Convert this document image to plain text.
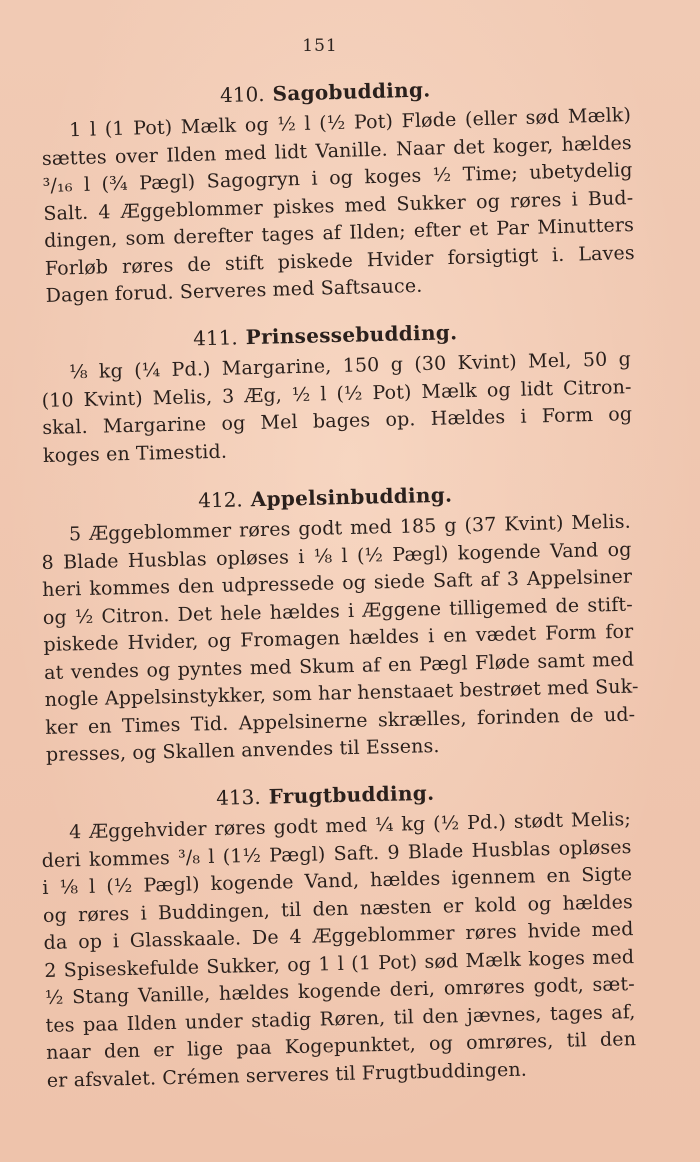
151
410. Sagobudding.
1 l (1 Pot) Mælk og ½ l (½ Pot) Fløde (eller sød Mælk)
sættes over Ilden med lidt Vanille. Naar det koger, hældes
³/₁₆ l (¾ Pægl) Sagogryn i og koges ½ Time; ubetydelig
Salt. 4 Æggeblommer piskes med Sukker og røres i Bud-
dingen, som derefter tages af Ilden; efter et Par Minutters
Forløb røres de stift piskede Hvider forsigtigt i. Laves
Dagen forud. Serveres med Saftsauce.
411. Prinsessebudding.
⅛ kg (¼ Pd.) Margarine, 150 g (30 Kvint) Mel, 50 g
(10 Kvint) Melis, 3 Æg, ½ l (½ Pot) Mælk og lidt Citron-
skal. Margarine og Mel bages op. Hældes i Form og
koges en Timestid.
412. Appelsinbudding.
5 Æggeblommer røres godt med 185 g (37 Kvint) Melis.
8 Blade Husblas opløses i ⅛ l (½ Pægl) kogende Vand og
heri kommes den udpressede og siede Saft af 3 Appelsiner
og ½ Citron. Det hele hældes i Æggene tilligemed de stift-
piskede Hvider, og Fromagen hældes i en vædet Form for
at vendes og pyntes med Skum af en Pægl Fløde samt med
nogle Appelsinstykker, som har henstaaet bestrøet med Suk-
ker en Times Tid. Appelsinerne skrælles, forinden de ud-
presses, og Skallen anvendes til Essens.
413. Frugtbudding.
4 Æggehvider røres godt med ¼ kg (½ Pd.) stødt Melis;
deri kommes ³/₈ l (1½ Pægl) Saft. 9 Blade Husblas opløses
i ⅛ l (½ Pægl) kogende Vand, hældes igennem en Sigte
og røres i Buddingen, til den næsten er kold og hældes
da op i Glasskaale. De 4 Æggeblommer røres hvide med
2 Spiseskefulde Sukker, og 1 l (1 Pot) sød Mælk koges med
½ Stang Vanille, hældes kogende deri, omrøres godt, sæt-
tes paa Ilden under stadig Røren, til den jævnes, tages af,
naar den er lige paa Kogepunktet, og omrøres, til den
er afsvalet. Crémen serveres til Frugtbuddingen.
